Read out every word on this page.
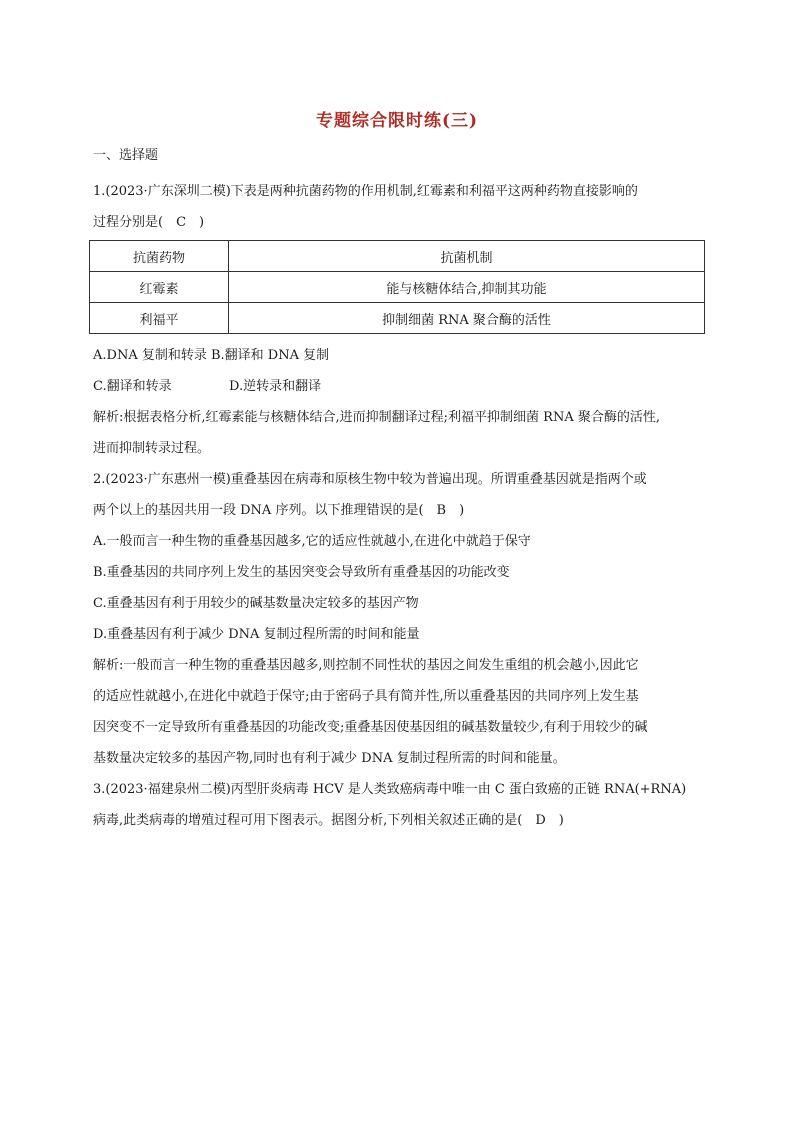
专题综合限时练(三)
一、选择题

1.(2023·广东深圳二模)下表是两种抗菌药物的作用机制,红霉素和利福平这两种药物直接影响的

过程分别是(　C　)

抗菌药物	抗菌机制
红霉素	能与核糖体结合,抑制其功能
利福平	抑制细菌 RNA 聚合酶的活性

A.DNA 复制和转录 B.翻译和 DNA 复制

C.翻译和转录	D.逆转录和翻译

解析:根据表格分析,红霉素能与核糖体结合,进而抑制翻译过程;利福平抑制细菌 RNA 聚合酶的活性,

进而抑制转录过程。

2.(2023·广东惠州一模)重叠基因在病毒和原核生物中较为普遍出现。所谓重叠基因就是指两个或

两个以上的基因共用一段 DNA 序列。以下推理错误的是(　B　)

A.一般而言一种生物的重叠基因越多,它的适应性就越小,在进化中就趋于保守

B.重叠基因的共同序列上发生的基因突变会导致所有重叠基因的功能改变

C.重叠基因有利于用较少的碱基数量决定较多的基因产物

D.重叠基因有利于减少 DNA 复制过程所需的时间和能量

解析:一般而言一种生物的重叠基因越多,则控制不同性状的基因之间发生重组的机会越小,因此它

的适应性就越小,在进化中就趋于保守;由于密码子具有简并性,所以重叠基因的共同序列上发生基

因突变不一定导致所有重叠基因的功能改变;重叠基因使基因组的碱基数量较少,有利于用较少的碱

基数量决定较多的基因产物,同时也有利于减少 DNA 复制过程所需的时间和能量。

3.(2023·福建泉州二模)丙型肝炎病毒 HCV 是人类致癌病毒中唯一由 C 蛋白致癌的正链 RNA(+RNA)

病毒,此类病毒的增殖过程可用下图表示。据图分析,下列相关叙述正确的是(　D　)
